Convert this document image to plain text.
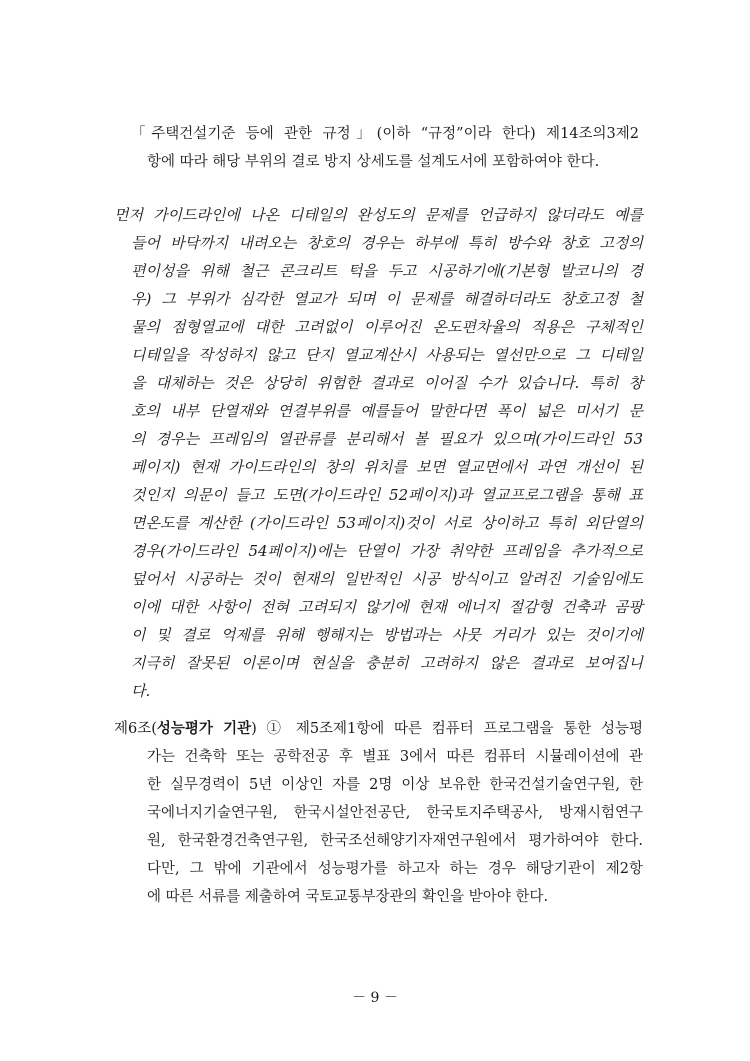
「주택건설기준 등에 관한 규정」(이하 “규정”이라 한다) 제14조의3제2
항에 따라 해당 부위의 결로 방지 상세도를 설계도서에 포함하여야 한다.
먼저 가이드라인에 나온 디테일의 완성도의 문제를 언급하지 않더라도 예를
들어 바닥까지 내려오는 창호의 경우는 하부에 특히 방수와 창호 고정의
편이성을 위해 철근 콘크리트 턱을 두고 시공하기에(기본형 발코니의 경
우) 그 부위가 심각한 열교가 되며 이 문제를 해결하더라도 창호고정 철
물의 점형열교에 대한 고려없이 이루어진 온도편차율의 적용은 구체적인
디테일을 작성하지 않고 단지 열교계산시 사용되는 열선만으로 그 디테일
을 대체하는 것은 상당히 위험한 결과로 이어질 수가 있습니다. 특히 창
호의 내부 단열재와 연결부위를 예를들어 말한다면 폭이 넓은 미서기 문
의 경우는 프레임의 열관류를 분리해서 볼 필요가 있으며(가이드라인 53
페이지) 현재 가이드라인의 창의 위치를 보면 열교면에서 과연 개선이 된
것인지 의문이 들고 도면(가이드라인 52페이지)과 열교프로그램을 통해 표
면온도를 계산한 (가이드라인 53페이지)것이 서로 상이하고 특히 외단열의
경우(가이드라인 54페이지)에는 단열이 가장 취약한 프레임을 추가적으로
덮어서 시공하는 것이 현재의 일반적인 시공 방식이고 알려진 기술임에도
이에 대한 사항이 전혀 고려되지 않기에 현재 에너지 절감형 건축과 곰팡
이 및 결로 억제를 위해 행해지는 방법과는 사뭇 거리가 있는 것이기에
지극히 잘못된 이론이며 현실을 충분히 고려하지 않은 결과로 보여집니
다.
제6조(성능평가 기관) ① 제5조제1항에 따른 컴퓨터 프로그램을 통한 성능평
가는 건축학 또는 공학전공 후 별표 3에서 따른 컴퓨터 시뮬레이션에 관
한 실무경력이 5년 이상인 자를 2명 이상 보유한 한국건설기술연구원, 한
국에너지기술연구원, 한국시설안전공단, 한국토지주택공사, 방재시험연구
원, 한국환경건축연구원, 한국조선해양기자재연구원에서 평가하여야 한다.
다만, 그 밖에 기관에서 성능평가를 하고자 하는 경우 해당기관이 제2항
에 따른 서류를 제출하여 국토교통부장관의 확인을 받아야 한다.
－ 9 －
